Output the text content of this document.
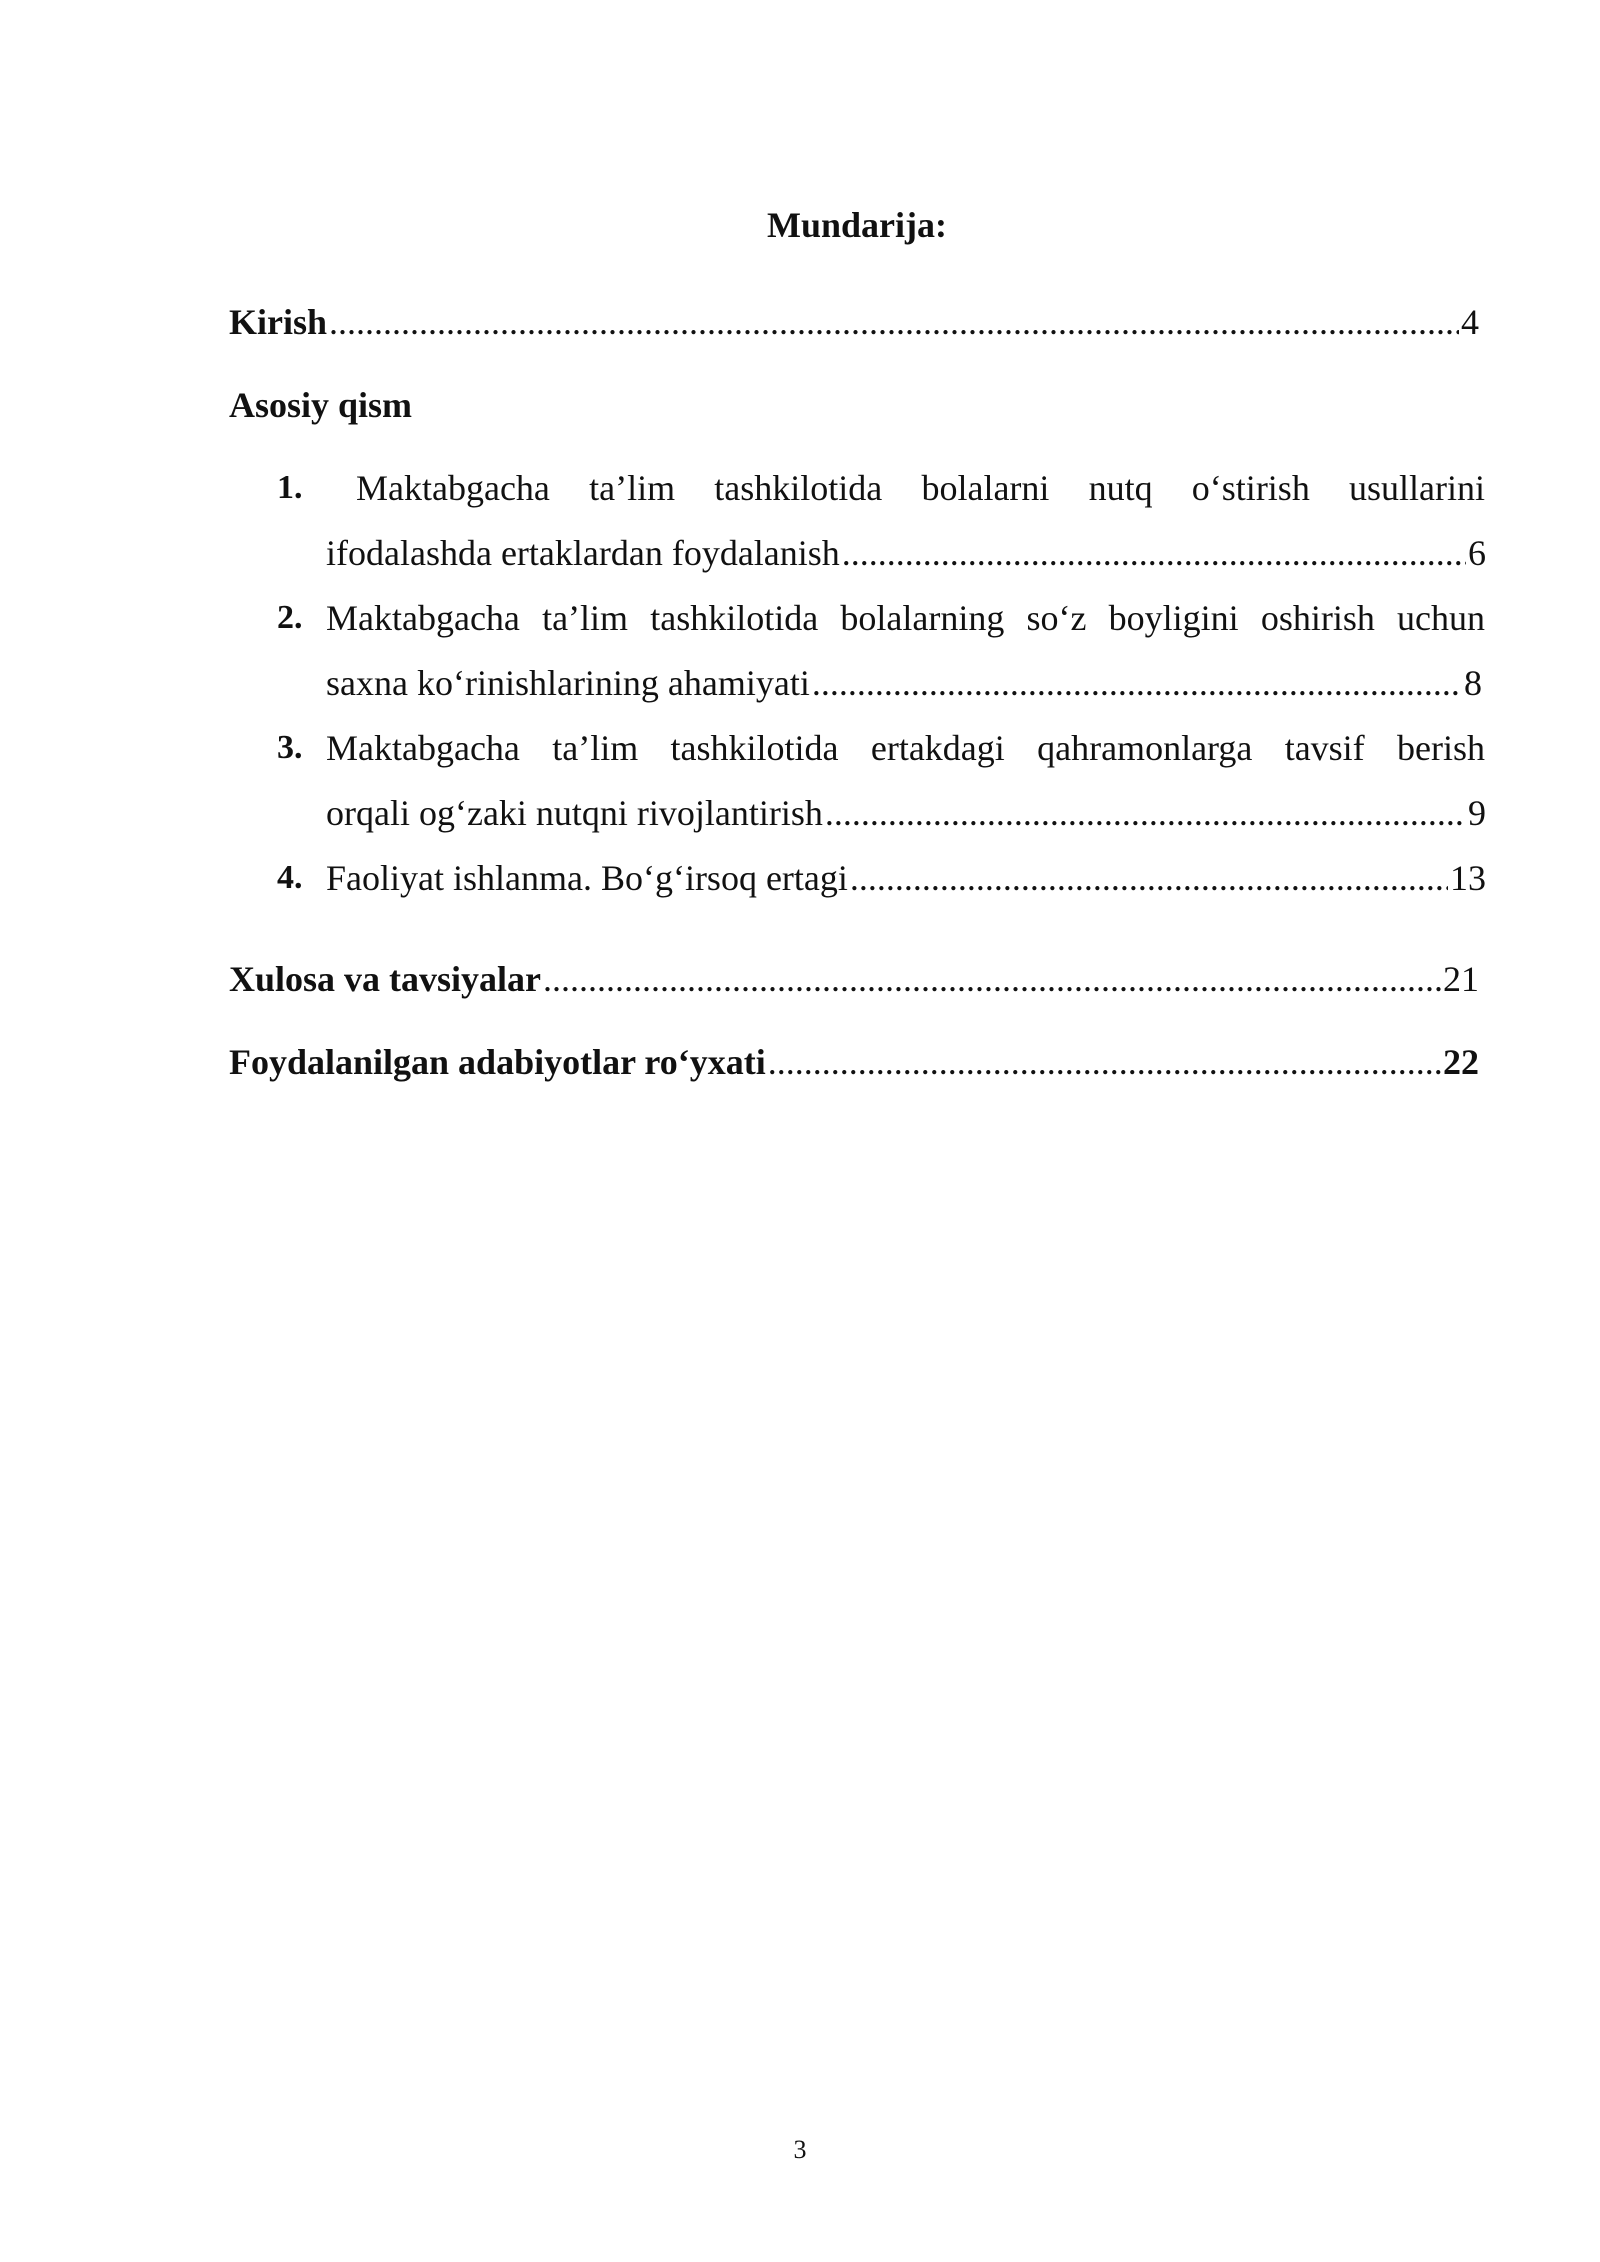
Mundarija:
Kirish .....	4
Asosiy qism
1. Maktabgacha ta’lim tashkilotida bolalarni nutq o‘stirish usullarini
ifodalashda ertaklardan foydalanish .....	6
2. Maktabgacha ta’lim tashkilotida bolalarning so‘z boyligini oshirish uchun
saxna ko‘rinishlarining ahamiyati .....	8
3. Maktabgacha ta’lim tashkilotida ertakdagi qahramonlarga tavsif berish
orqali og‘zaki nutqni rivojlantirish .....	9
4. Faoliyat ishlanma. Bo‘g‘irsoq ertagi .....	13
Xulosa va tavsiyalar .....	21
Foydalanilgan adabiyotlar ro‘yxati .....	22
3
